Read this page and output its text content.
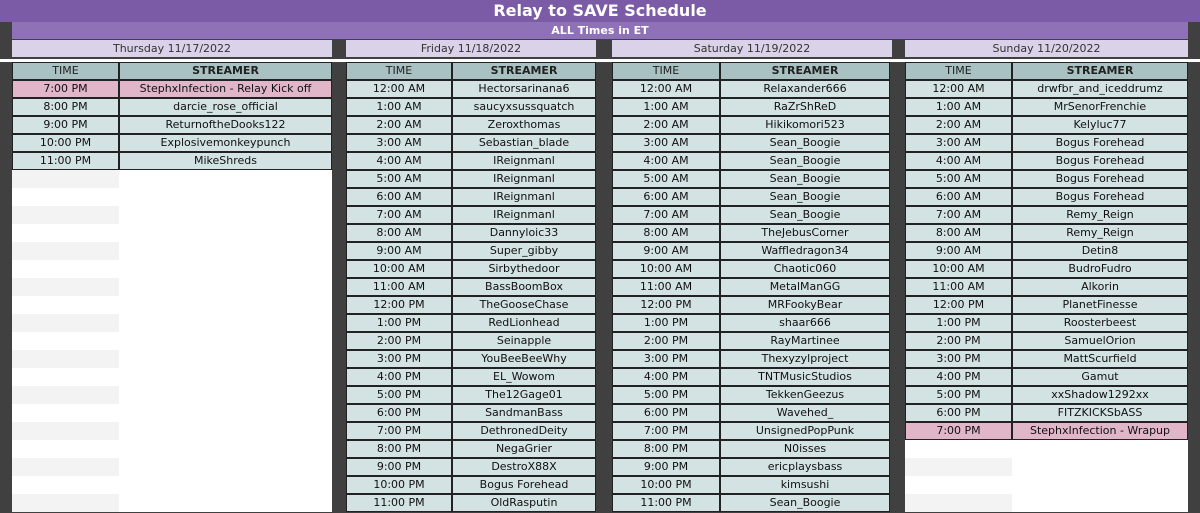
Relay to SAVE Schedule
ALL Times in ET
Thursday 11/17/2022	Friday 11/18/2022	Saturday 11/19/2022	Sunday 11/20/2022
TIME	STREAMER
7:00 PM	StephxInfection - Relay Kick off
8:00 PM	darcie_rose_official
9:00 PM	ReturnoftheDooks122
10:00 PM	Explosivemonkeypunch
11:00 PM	MikeShreds
TIME	STREAMER
12:00 AM	Hectorsarinana6
1:00 AM	saucyxsussquatch
2:00 AM	Zeroxthomas
3:00 AM	Sebastian_blade
4:00 AM	IReignmanl
5:00 AM	IReignmanl
6:00 AM	IReignmanl
7:00 AM	IReignmanl
8:00 AM	Dannyloic33
9:00 AM	Super_gibby
10:00 AM	Sirbythedoor
11:00 AM	BassBoomBox
12:00 PM	TheGooseChase
1:00 PM	RedLionhead
2:00 PM	Seinapple
3:00 PM	YouBeeBeeWhy
4:00 PM	EL_Wowom
5:00 PM	The12Gage01
6:00 PM	SandmanBass
7:00 PM	DethronedDeity
8:00 PM	NegaGrier
9:00 PM	DestroX88X
10:00 PM	Bogus Forehead
11:00 PM	OldRasputin
TIME	STREAMER
12:00 AM	Relaxander666
1:00 AM	RaZrShReD
2:00 AM	Hikikomori523
3:00 AM	Sean_Boogie
4:00 AM	Sean_Boogie
5:00 AM	Sean_Boogie
6:00 AM	Sean_Boogie
7:00 AM	Sean_Boogie
8:00 AM	TheJebusCorner
9:00 AM	Waffledragon34
10:00 AM	Chaotic060
11:00 AM	MetalManGG
12:00 PM	MRFookyBear
1:00 PM	shaar666
2:00 PM	RayMartinee
3:00 PM	Thexyzylproject
4:00 PM	TNTMusicStudios
5:00 PM	TekkenGeezus
6:00 PM	Wavehed_
7:00 PM	UnsignedPopPunk
8:00 PM	N0isses
9:00 PM	ericplaysbass
10:00 PM	kimsushi
11:00 PM	Sean_Boogie
TIME	STREAMER
12:00 AM	drwfbr_and_iceddrumz
1:00 AM	MrSenorFrenchie
2:00 AM	Kelyluc77
3:00 AM	Bogus Forehead
4:00 AM	Bogus Forehead
5:00 AM	Bogus Forehead
6:00 AM	Bogus Forehead
7:00 AM	Remy_Reign
8:00 AM	Remy_Reign
9:00 AM	Detin8
10:00 AM	BudroFudro
11:00 AM	Alkorin
12:00 PM	PlanetFinesse
1:00 PM	Roosterbeest
2:00 PM	SamuelOrion
3:00 PM	MattScurfield
4:00 PM	Gamut
5:00 PM	xxShadow1292xx
6:00 PM	FITZKICKSbASS
7:00 PM	StephxInfection - Wrapup
